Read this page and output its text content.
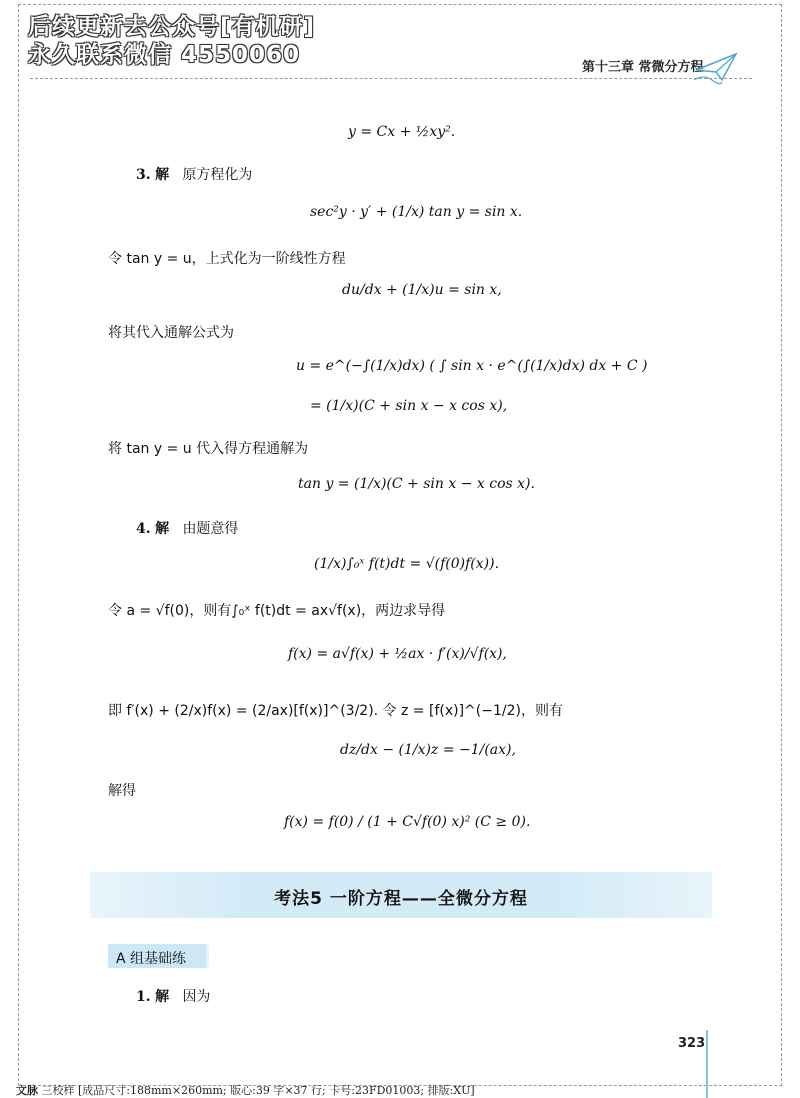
后续更新去公众号[有机研]
永久联系微信 4550060	第十三章 常微分方程
y = Cx + ½xy².
3. 解 原方程化为
sec²y · y′ + (1/x) tan y = sin x.
令 tan y = u，上式化为一阶线性方程
du/dx + (1/x)u = sin x,
将其代入通解公式为
u = e^(−∫(1/x)dx) ( ∫ sin x · e^(∫(1/x)dx) dx + C )
= (1/x)(C + sin x − x cos x),
将 tan y = u 代入得方程通解为
tan y = (1/x)(C + sin x − x cos x).
4. 解 由题意得
(1/x)∫₀ˣ f(t)dt = √(f(0)f(x)).
令 a = √f(0)，则有∫₀ˣ f(t)dt = ax√f(x)，两边求导得
f(x) = a√f(x) + ½ax · f′(x)/√f(x),
即 f′(x) + (2/x)f(x) = (2/ax)[f(x)]^(3/2). 令 z = [f(x)]^(−1/2)，则有
dz/dx − (1/x)z = −1/(ax),
解得
f(x) = f(0) / (1 + C√f(0) x)² (C ≥ 0).
考法5 一阶方程——全微分方程
A 组基础练
1. 解 因为
323
文脉 三校样 [成品尺寸:188mm×260mm; 版心:39 字×37 行; 卡号:23FD01003; 排版:XU]
